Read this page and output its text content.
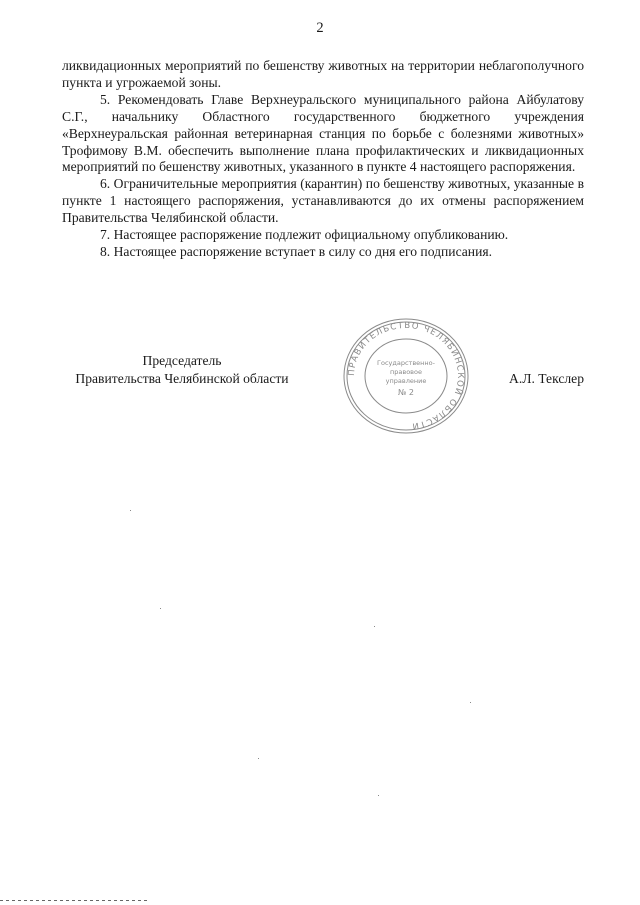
2

ликвидационных мероприятий по бешенству животных на территории неблагополучного пункта и угрожаемой зоны.

5. Рекомендовать Главе Верхнеуральского муниципального района Айбулатову С.Г., начальнику Областного государственного бюджетного учреждения «Верхнеуральская районная ветеринарная станция по борьбе с болезнями животных» Трофимову В.М. обеспечить выполнение плана профилактических и ликвидационных мероприятий по бешенству животных, указанного в пункте 4 настоящего распоряжения.

6. Ограничительные мероприятия (карантин) по бешенству животных, указанные в пункте 1 настоящего распоряжения, устанавливаются до их отмены распоряжением Правительства Челябинской области.

7. Настоящее распоряжение подлежит официальному опубликованию.

8. Настоящее распоряжение вступает в силу со дня его подписания.

ПРАВИТЕЛЬСТВО ЧЕЛЯБИНСКОЙ ОБЛАСТИ
Государственно-
правовое
управление
№ 2
Председатель
Правительства Челябинской области	А.Л. Текслер
